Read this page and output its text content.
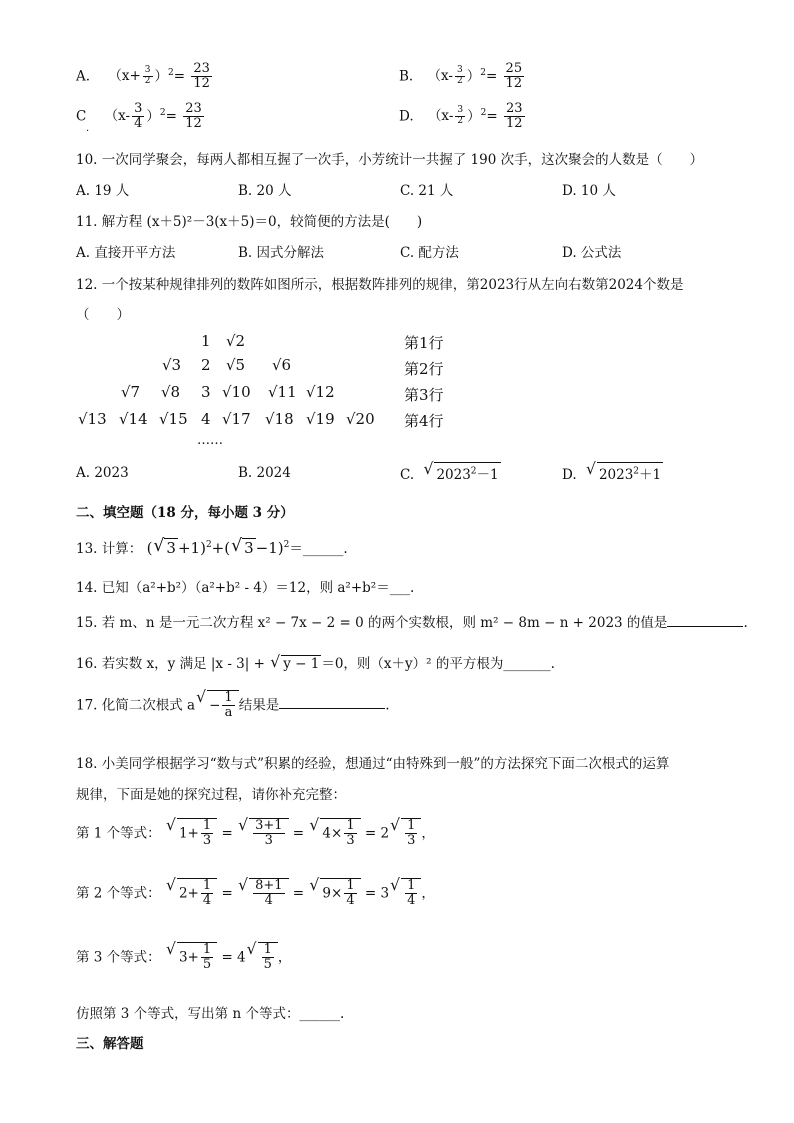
A. $(x+ \frac{3}{2} )^2= \frac{23}{12}$	B. $(x- \frac{3}{2} )^2= \frac{25}{12}$
C $(x- \frac{3}{4} )^2= \frac{23}{12}$
·
D. $(x- \frac{3}{2} )^2= \frac{23}{12}$
10. 一次同学聚会，每两人都相互握了一次手，小芳统计一共握了 190 次手，这次聚会的人数是（　　）
A. 19 人	B. 20 人	C. 21 人	D. 10 人
11. 解方程 (x＋5)²－3(x＋5)＝0，较简便的方法是(　　)
A. 直接开平方法	B. 因式分解法	C. 配方法	D. 公式法
12. 一个按某种规律排列的数阵如图所示，根据数阵排列的规律，第2023行从左向右数第2024个数是
（　　）
1 √2	第1行
√3 2 √5 √6	第2行
√7 √8 3 √10 √11 √12	第3行
√13 √14 √15 4 √17 √18 √19 √20 第4行
……
A. 2023	B. 2024	C. √ $2023^2-1$	D. √ $2023^2+1$
二、填空题（18 分，每小题 3 分）
13. 计算： (√ 3 +1)$^2$+(√ 3 −1)$^2$＝______.
14. 已知（a²+b²）（a²+b² - 4）＝12，则 a²+b²＝___.
15. 若 m、n 是一元二次方程 x² − 7x − 2 = 0 的两个实数根，则 m² − 8m − n + 2023 的值是	.
16. 若实数 x，y 满足 |x - 3| + √ y − 1 ＝0，则（x＋y）² 的平方根为_______.
17. 化简二次根式 $a√ - \frac{1}{a}$ 结果是	.
18. 小美同学根据学习“数与式”积累的经验，想通过“由特殊到一般”的方法探究下面二次根式的运算
规律，下面是她的探究过程，请你补充完整：
第 1 个等式： √ $1+ \frac{1}{3}$ =
√ $\frac{3+1}{3}$ = √ $4\times \frac{1}{3} = 2$
√ $\frac{1}{3}$ ，
第 2 个等式： √ $2+ \frac{1}{4}$ =
√ $\frac{8+1}{4}$ = √ $9\times \frac{1}{4} = 3$
√ $\frac{1}{4}$ ，
第 3 个等式： √ $3+ \frac{1}{5} = 4$
√ $\frac{1}{5}$ ，
仿照第 3 个等式，写出第 n 个等式：______.
三、解答题
